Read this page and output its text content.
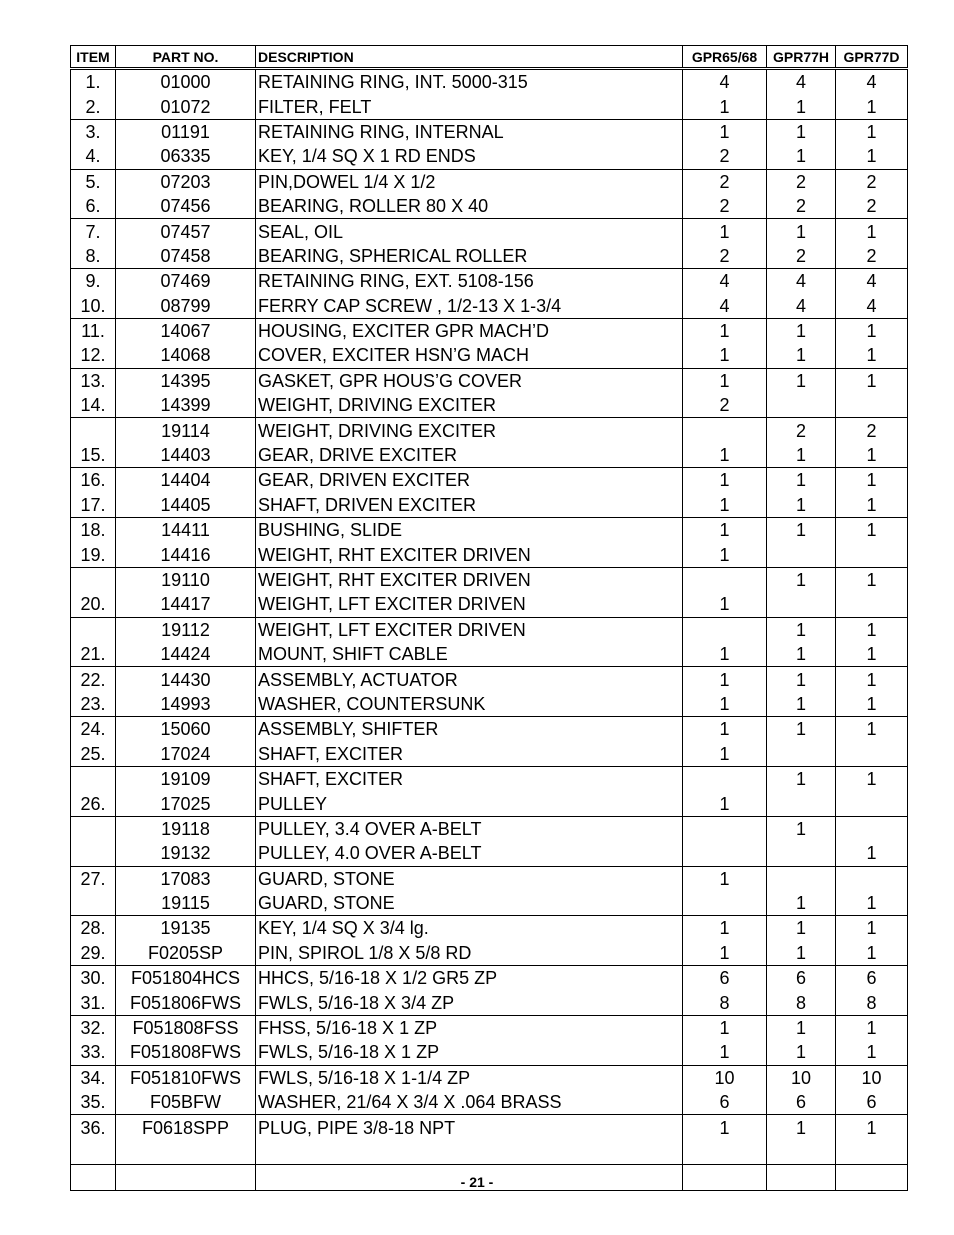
ITEM	PART NO.	DESCRIPTION	GPR65/68	GPR77H	GPR77D
1.	01000	RETAINING RING, INT. 5000-315	4	4	4
2.	01072	FILTER, FELT	1	1	1
3.	01191	RETAINING RING, INTERNAL	1	1	1
4.	06335	KEY, 1/4 SQ X 1 RD ENDS	2	1	1
5.	07203	PIN,DOWEL 1/4 X 1/2	2	2	2
6.	07456	BEARING, ROLLER 80 X 40	2	2	2
7.	07457	SEAL, OIL	1	1	1
8.	07458	BEARING, SPHERICAL ROLLER	2	2	2
9.	07469	RETAINING RING, EXT. 5108-156	4	4	4
10.	08799	FERRY CAP SCREW , 1/2-13 X 1-3/4	4	4	4
11.	14067	HOUSING, EXCITER GPR MACH’D	1	1	1
12.	14068	COVER, EXCITER HSN’G MACH	1	1	1
13.	14395	GASKET, GPR HOUS’G COVER	1	1	1
14.	14399	WEIGHT, DRIVING EXCITER	2		
	19114	WEIGHT, DRIVING EXCITER		2	2
15.	14403	GEAR, DRIVE EXCITER	1	1	1
16.	14404	GEAR, DRIVEN EXCITER	1	1	1
17.	14405	SHAFT, DRIVEN EXCITER	1	1	1
18.	14411	BUSHING, SLIDE	1	1	1
19.	14416	WEIGHT, RHT EXCITER DRIVEN	1		
	19110	WEIGHT, RHT EXCITER DRIVEN		1	1
20.	14417	WEIGHT, LFT EXCITER DRIVEN	1		
	19112	WEIGHT, LFT EXCITER DRIVEN		1	1
21.	14424	MOUNT, SHIFT CABLE	1	1	1
22.	14430	ASSEMBLY, ACTUATOR	1	1	1
23.	14993	WASHER, COUNTERSUNK	1	1	1
24.	15060	ASSEMBLY, SHIFTER	1	1	1
25.	17024	SHAFT, EXCITER	1		
	19109	SHAFT, EXCITER		1	1
26.	17025	PULLEY	1		
	19118	PULLEY, 3.4 OVER A-BELT		1	
	19132	PULLEY, 4.0 OVER A-BELT			1
27.	17083	GUARD, STONE	1		
	19115	GUARD, STONE		1	1
28.	19135	KEY, 1/4 SQ X 3/4 lg.	1	1	1
29.	F0205SP	PIN, SPIROL 1/8 X 5/8 RD	1	1	1
30.	F051804HCS	HHCS, 5/16-18 X 1/2 GR5 ZP	6	6	6
31.	F051806FWS	FWLS, 5/16-18 X 3/4 ZP	8	8	8
32.	F051808FSS	FHSS, 5/16-18 X 1 ZP	1	1	1
33.	F051808FWS	FWLS, 5/16-18 X 1 ZP	1	1	1
34.	F051810FWS	FWLS, 5/16-18 X 1-1/4 ZP	10	10	10
35.	F05BFW	WASHER, 21/64 X 3/4 X .064 BRASS	6	6	6
36.	F0618SPP	PLUG, PIPE 3/8-18 NPT	1	1	1

- 21 -
